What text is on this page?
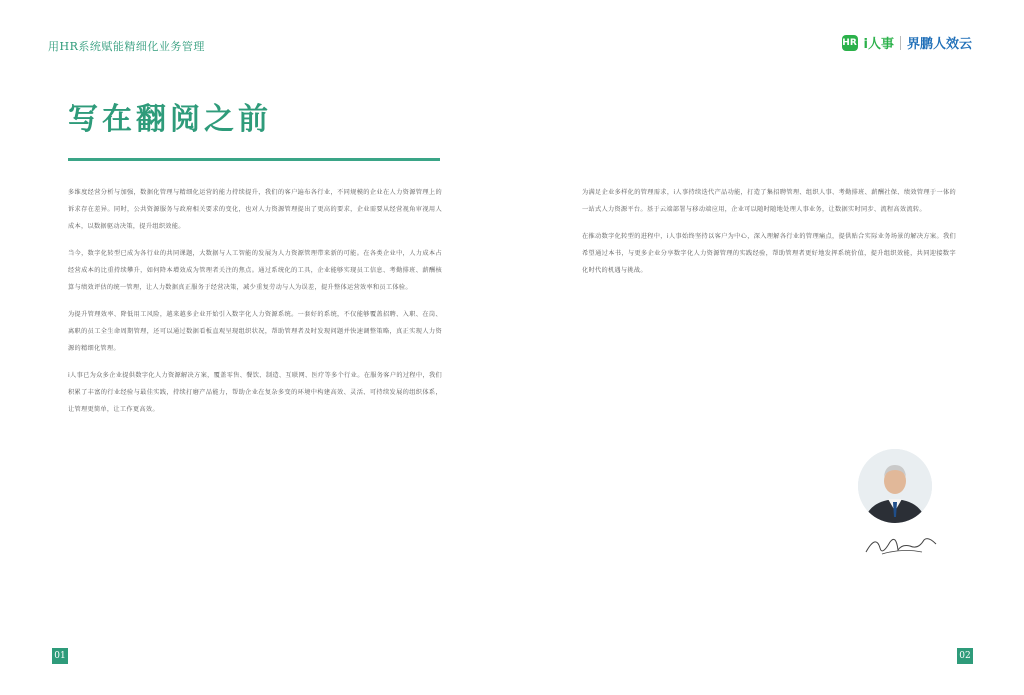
用HR系统赋能精细化业务管理	HR i人事 界鹏人效云
写在翻阅之前

多维度经营分析与加强，数据化管理与精细化运营的能力持续提升，我们的客户遍布各行业，不同规模的企业在人力资源管理上的诉求存在差异。同时，公共资源服务与政府相关要求的变化，也对人力资源管理提出了更高的要求，企业需要从经营视角审视用人成本，以数据驱动决策，提升组织效能。

当今，数字化转型已成为各行业的共同课题，大数据与人工智能的发展为人力资源管理带来新的可能。在各类企业中，人力成本占经营成本的比重持续攀升，如何降本增效成为管理者关注的焦点。通过系统化的工具，企业能够实现员工信息、考勤排班、薪酬核算与绩效评估的统一管理，让人力数据真正服务于经营决策，减少重复劳动与人为误差，提升整体运营效率和员工体验。

为提升管理效率、降低用工风险，越来越多企业开始引入数字化人力资源系统。一套好的系统，不仅能够覆盖招聘、入职、在岗、离职的员工全生命周期管理，还可以通过数据看板直观呈现组织状况，帮助管理者及时发现问题并快速调整策略，真正实现人力资源的精细化管理。

i人事已为众多企业提供数字化人力资源解决方案，覆盖零售、餐饮、制造、互联网、医疗等多个行业。在服务客户的过程中，我们积累了丰富的行业经验与最佳实践，持续打磨产品能力，帮助企业在复杂多变的环境中构建高效、灵活、可持续发展的组织体系，让管理更简单，让工作更高效。

为满足企业多样化的管理需求，i人事持续迭代产品功能，打造了集招聘管理、组织人事、考勤排班、薪酬社保、绩效管理于一体的一站式人力资源平台。基于云端部署与移动端应用，企业可以随时随地处理人事业务，让数据实时同步、流程高效流转。

在推动数字化转型的进程中，i人事始终坚持以客户为中心，深入理解各行业的管理痛点，提供贴合实际业务场景的解决方案。我们希望通过本书，与更多企业分享数字化人力资源管理的实践经验，帮助管理者更好地发挥系统价值，提升组织效能，共同迎接数字化时代的机遇与挑战。

01	02
